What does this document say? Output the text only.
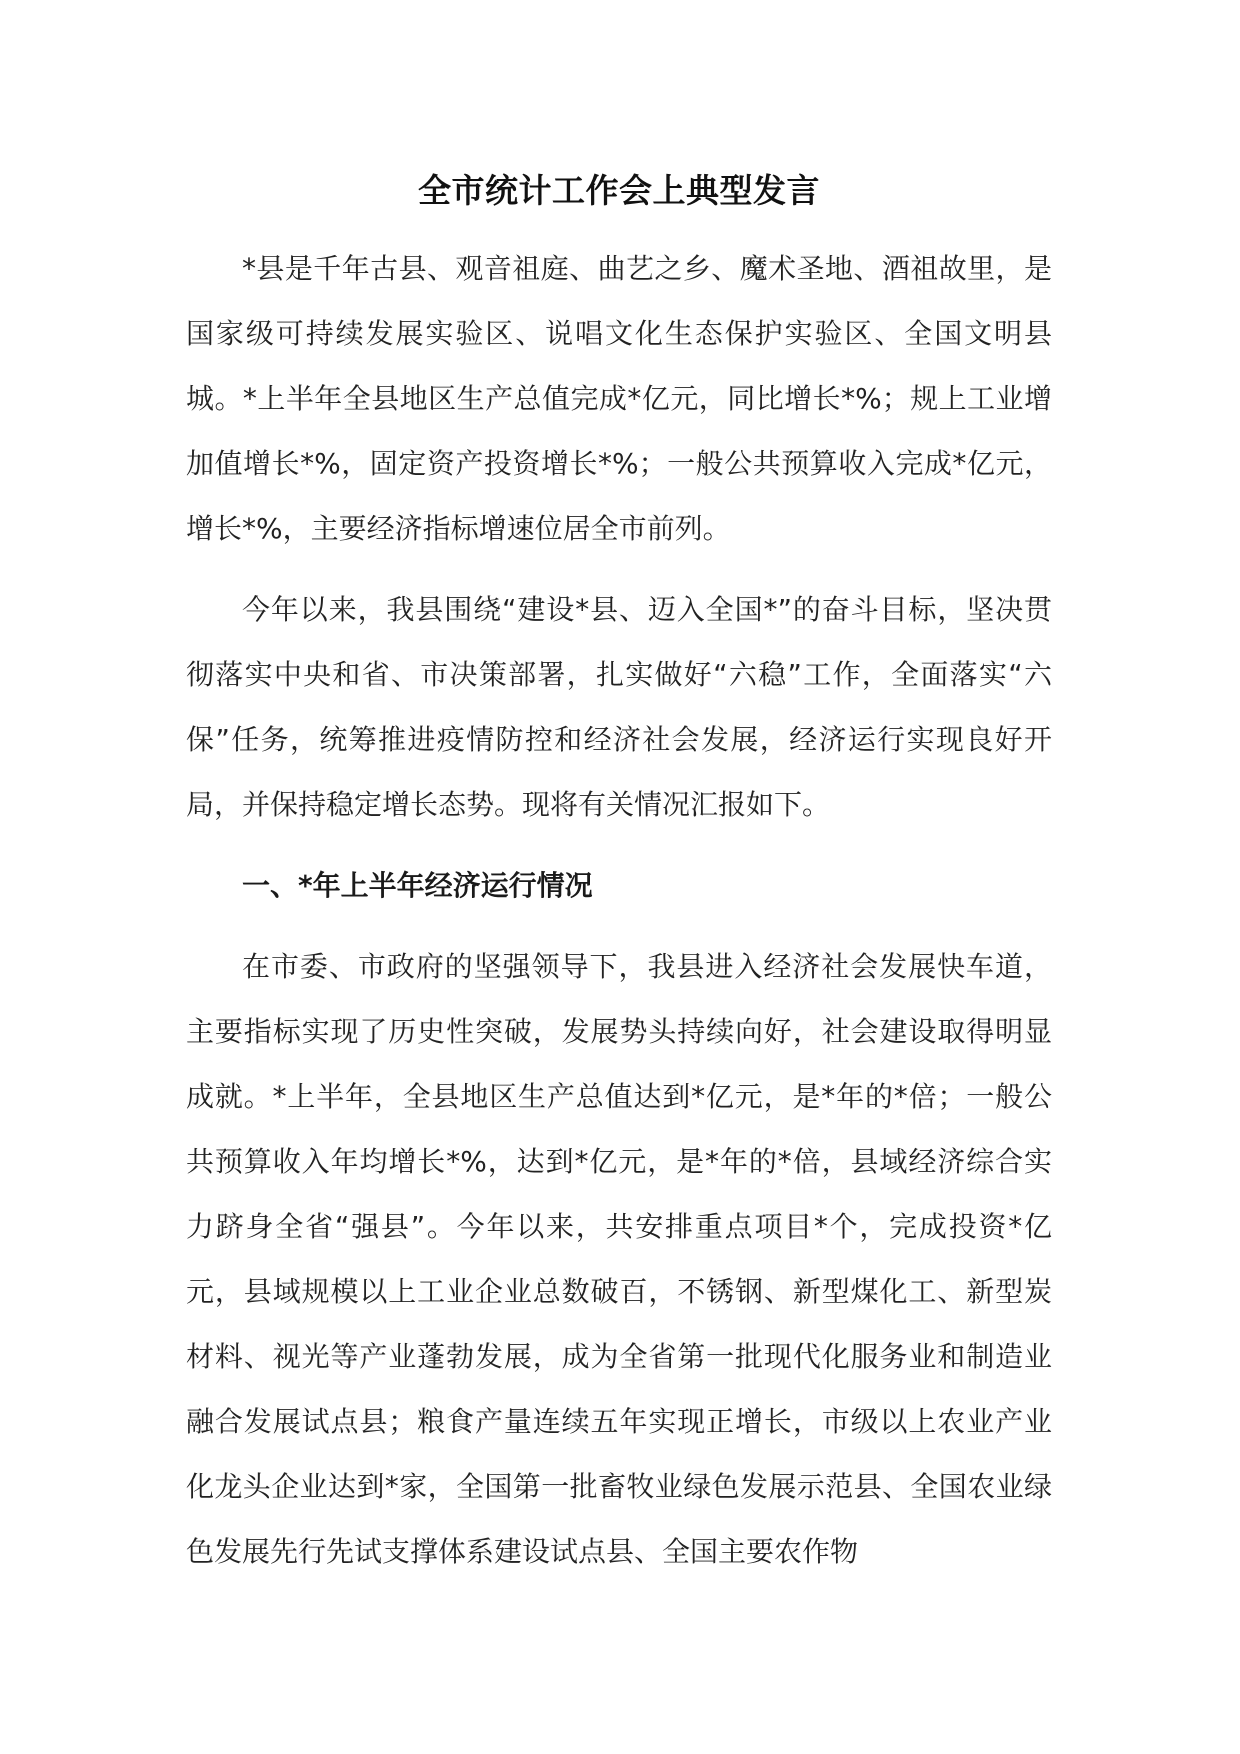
全市统计工作会上典型发言

*县是千年古县、观音祖庭、曲艺之乡、魔术圣地、酒祖故里，是国家级可持续发展实验区、说唱文化生态保护实验区、全国文明县城。*上半年全县地区生产总值完成*亿元，同比增长*%；规上工业增加值增长*%，固定资产投资增长*%；一般公共预算收入完成*亿元，增长*%，主要经济指标增速位居全市前列。

今年以来，我县围绕“建设*县、迈入全国*”的奋斗目标，坚决贯彻落实中央和省、市决策部署，扎实做好“六稳”工作，全面落实“六保”任务，统筹推进疫情防控和经济社会发展，经济运行实现良好开局，并保持稳定增长态势。现将有关情况汇报如下。

一、*年上半年经济运行情况

在市委、市政府的坚强领导下，我县进入经济社会发展快车道，主要指标实现了历史性突破，发展势头持续向好，社会建设取得明显成就。*上半年，全县地区生产总值达到*亿元，是*年的*倍；一般公共预算收入年均增长*%，达到*亿元，是*年的*倍，县域经济综合实力跻身全省“强县”。今年以来，共安排重点项目*个，完成投资*亿元，县域规模以上工业企业总数破百，不锈钢、新型煤化工、新型炭材料、视光等产业蓬勃发展，成为全省第一批现代化服务业和制造业融合发展试点县；粮食产量连续五年实现正增长，市级以上农业产业化龙头企业达到*家，全国第一批畜牧业绿色发展示范县、全国农业绿色发展先行先试支撑体系建设试点县、全国主要农作物
